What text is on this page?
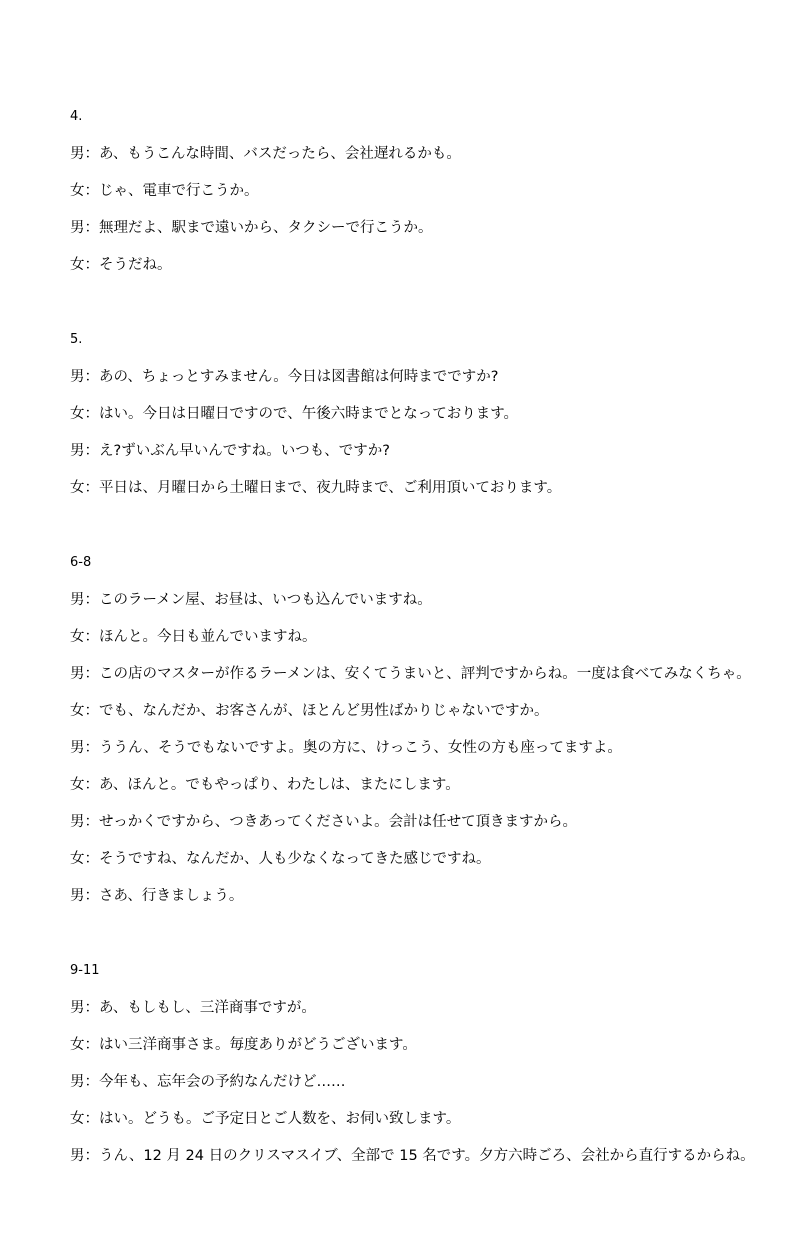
4.
男：あ、もうこんな時間、バスだったら、会社遅れるかも。
女：じゃ、電車で行こうか。
男：無理だよ、駅まで遠いから、タクシーで行こうか。
女：そうだね。
5.
男：あの、ちょっとすみません。今日は図書館は何時までですか?
女：はい。今日は日曜日ですので、午後六時までとなっております。
男：え?ずいぶん早いんですね。いつも、ですか?
女：平日は、月曜日から土曜日まで、夜九時まで、ご利用頂いております。
6-8
男：このラーメン屋、お昼は、いつも込んでいますね。
女：ほんと。今日も並んでいますね。
男：この店のマスターが作るラーメンは、安くてうまいと、評判ですからね。一度は食べてみなくちゃ。
女：でも、なんだか、お客さんが、ほとんど男性ばかりじゃないですか。
男：ううん、そうでもないですよ。奥の方に、けっこう、女性の方も座ってますよ。
女：あ、ほんと。でもやっぱり、わたしは、またにします。
男：せっかくですから、つきあってくださいよ。会計は任せて頂きますから。
女：そうですね、なんだか、人も少なくなってきた感じですね。
男：さあ、行きましょう。
9-11
男：あ、もしもし、三洋商事ですが。
女：はい三洋商事さま。毎度ありがどうございます。
男：今年も、忘年会の予約なんだけど……
女：はい。どうも。ご予定日とご人数を、お伺い致します。
男：うん、12 月 24 日のクリスマスイブ、全部で 15 名です。夕方六時ごろ、会社から直行するからね。
